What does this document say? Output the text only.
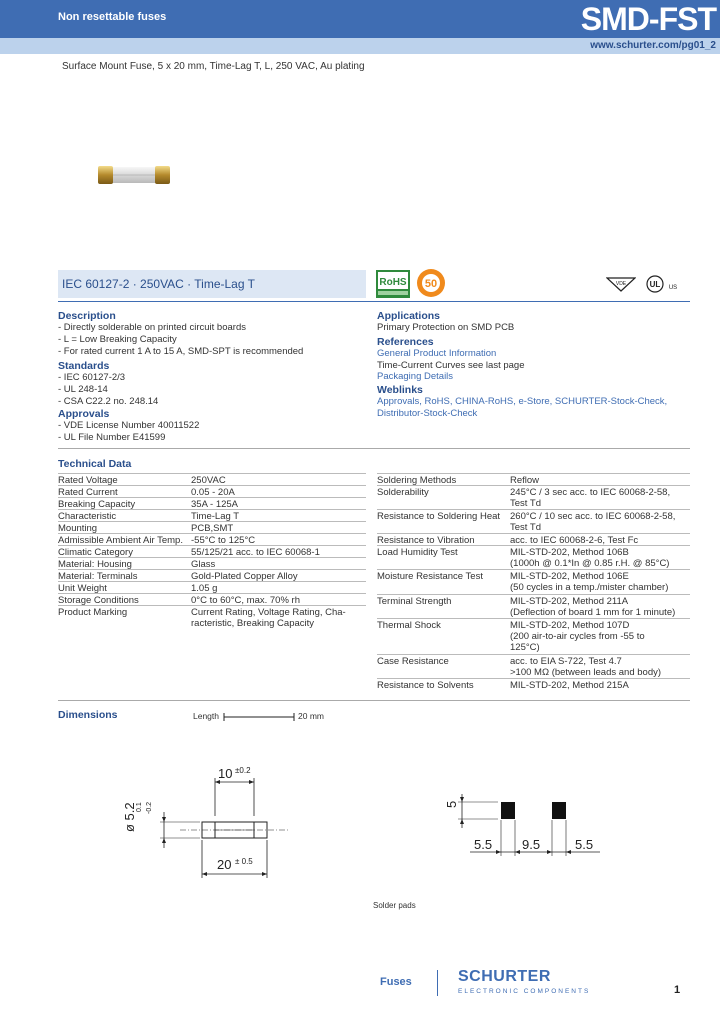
Non resettable fuses	SMD-FST
www.schurter.com/pg01_2
Surface Mount Fuse, 5 x 20 mm, Time-Lag T, L, 250 VAC, Au plating
IEC 60127-2 · 250VAC · Time-Lag T	RoHS 50	VDE	UL US
Description
- Directly solderable on printed circuit boards
- L = Low Breaking Capacity
- For rated current 1 A to 15 A, SMD-SPT is recommended
Standards
- IEC 60127-2/3
- UL 248-14
- CSA C22.2 no. 248.14
Approvals
- VDE License Number 40011522
- UL File Number E41599
Applications
Primary Protection on SMD PCB
References
General Product Information
Time-Current Curves see last page
Packaging Details
Weblinks
Approvals, RoHS, CHINA-RoHS, e-Store, SCHURTER-Stock-Check,
Distributor-Stock-Check
Technical Data
Dimensions	Length	20 mm
10 ±0.2
ø 5.2 0.1 -0.2
20 ± 0.5
5
5.5 9.5	5.5
Solder pads
Fuses	SCHURTER
ELECTRONIC COMPONENTS	1
Rated Voltage	250VAC
Rated Current	0.05 - 20A
Breaking Capacity	35A - 125A
Characteristic	Time-Lag T
Mounting	PCB,SMT
Admissible Ambient Air Temp. -55°C to 125°C
Climatic Category	55/125/21 acc. to IEC 60068-1
Material: Housing	Glass
Material: Terminals	Gold-Plated Copper Alloy
Unit Weight	1.05 g
Storage Conditions	0°C to 60°C, max. 70% rh
Product Marking	Current Rating, Voltage Rating, Cha-
racteristic, Breaking Capacity
Soldering Methods	Reflow
Solderability	245°C / 3 sec acc. to IEC 60068-2-58,
Test Td
Resistance to Soldering Heat 260°C / 10 sec acc. to IEC 60068-2-58,
Test Td
Resistance to Vibration	acc. to IEC 60068-2-6, Test Fc
Load Humidity Test	MIL-STD-202, Method 106B
(1000h @ 0.1*In @ 0.85 r.H. @ 85°C)
Moisture Resistance Test	MIL-STD-202, Method 106E
(50 cycles in a temp./mister chamber)
Terminal Strength	MIL-STD-202, Method 211A
(Deflection of board 1 mm for 1 minute)
Thermal Shock	MIL-STD-202, Method 107D
(200 air-to-air cycles from -55 to
125°C)
Case Resistance	acc. to EIA S-722, Test 4.7
>100 MΩ (between leads and body)
Resistance to Solvents	MIL-STD-202, Method 215A
